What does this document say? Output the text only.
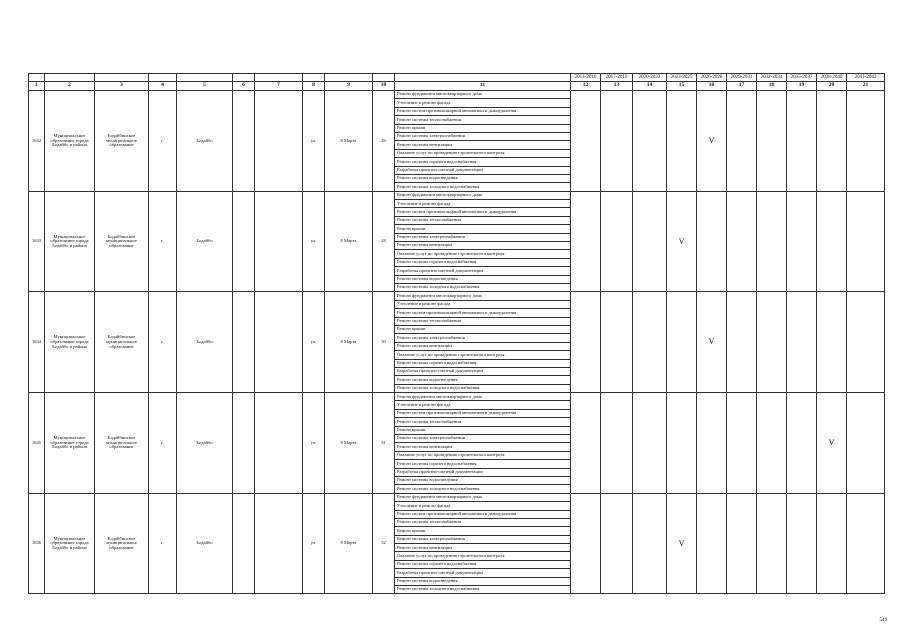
											2014-2016	2017-2019	2020-2022	2023-2025	2026-2028	2029-2031	2032-2034	2035-2037	2038-2040	2041-2043
1	2	3	4	5	6	7	8	9	10	11	12	13	14	15	16	17	18	19	20	21
1632	Муниципальное образование города Бодайбо и района	Бодайбинское муниципальное образование	г.	Бодайбо			ул.	8 Марта	26	Ремонт фундамента многоквартирного дома					V					
										Утепление и ремонт фасада										
										Ремонт систем противопожарной автоматики и дымоудаления										
										Ремонт системы теплоснабжения										
										Ремонт крыши										
										Ремонт системы электроснабжения										
										Ремонт системы вентиляции										
										Оказание услуг по проведению строительного контроля										
										Ремонт системы горячего водоснабжения										
										Разработка проектно-сметной документации										
										Ремонт системы водоотведения										
										Ремонт системы холодного водоснабжения										
1633	Муниципальное образование города Бодайбо и района	Бодайбинское муниципальное образование	г.	Бодайбо			ул.	8 Марта	28	Ремонт фундамента многоквартирного дома				V						
										Утепление и ремонт фасада										
										Ремонт систем противопожарной автоматики и дымоудаления										
										Ремонт системы теплоснабжения										
										Ремонт крыши										
										Ремонт системы электроснабжения										
										Ремонт системы вентиляции										
										Оказание услуг по проведению строительного контроля										
										Ремонт системы горячего водоснабжения										
										Разработка проектно-сметной документации										
										Ремонт системы водоотведения										
										Ремонт системы холодного водоснабжения										
1634	Муниципальное образование города Бодайбо и района	Бодайбинское муниципальное образование	г.	Бодайбо			ул.	8 Марта	30	Ремонт фундамента многоквартирного дома					V					
										Утепление и ремонт фасада										
										Ремонт систем противопожарной автоматики и дымоудаления										
										Ремонт системы теплоснабжения										
										Ремонт крыши										
										Ремонт системы электроснабжения										
										Ремонт системы вентиляции										
										Оказание услуг по проведению строительного контроля										
										Ремонт системы горячего водоснабжения										
										Разработка проектно-сметной документации										
										Ремонт системы водоотведения										
										Ремонт системы холодного водоснабжения										
1635	Муниципальное образование города Бодайбо и района	Бодайбинское муниципальное образование	г.	Бодайбо			ул.	8 Марта	31	Ремонт фундамента многоквартирного дома									V	
										Утепление и ремонт фасада										
										Ремонт систем противопожарной автоматики и дымоудаления										
										Ремонт системы теплоснабжения										
										Ремонт крыши										
										Ремонт системы электроснабжения										
										Ремонт системы вентиляции										
										Оказание услуг по проведению строительного контроля										
										Ремонт системы горячего водоснабжения										
										Разработка проектно-сметной документации										
										Ремонт системы водоотведения										
										Ремонт системы холодного водоснабжения										
1636	Муниципальное образование города Бодайбо и района	Бодайбинское муниципальное образование	г.	Бодайбо			ул.	8 Марта	32	Ремонт фундамента многоквартирного дома				V						
										Утепление и ремонт фасада										
										Ремонт систем противопожарной автоматики и дымоудаления										
										Ремонт системы теплоснабжения										
										Ремонт крыши										
										Ремонт системы электроснабжения										
										Ремонт системы вентиляции										
										Оказание услуг по проведению строительного контроля										
										Ремонт системы горячего водоснабжения										
										Разработка проектно-сметной документации										
										Ремонт системы водоотведения										
										Ремонт системы холодного водоснабжения										
546
